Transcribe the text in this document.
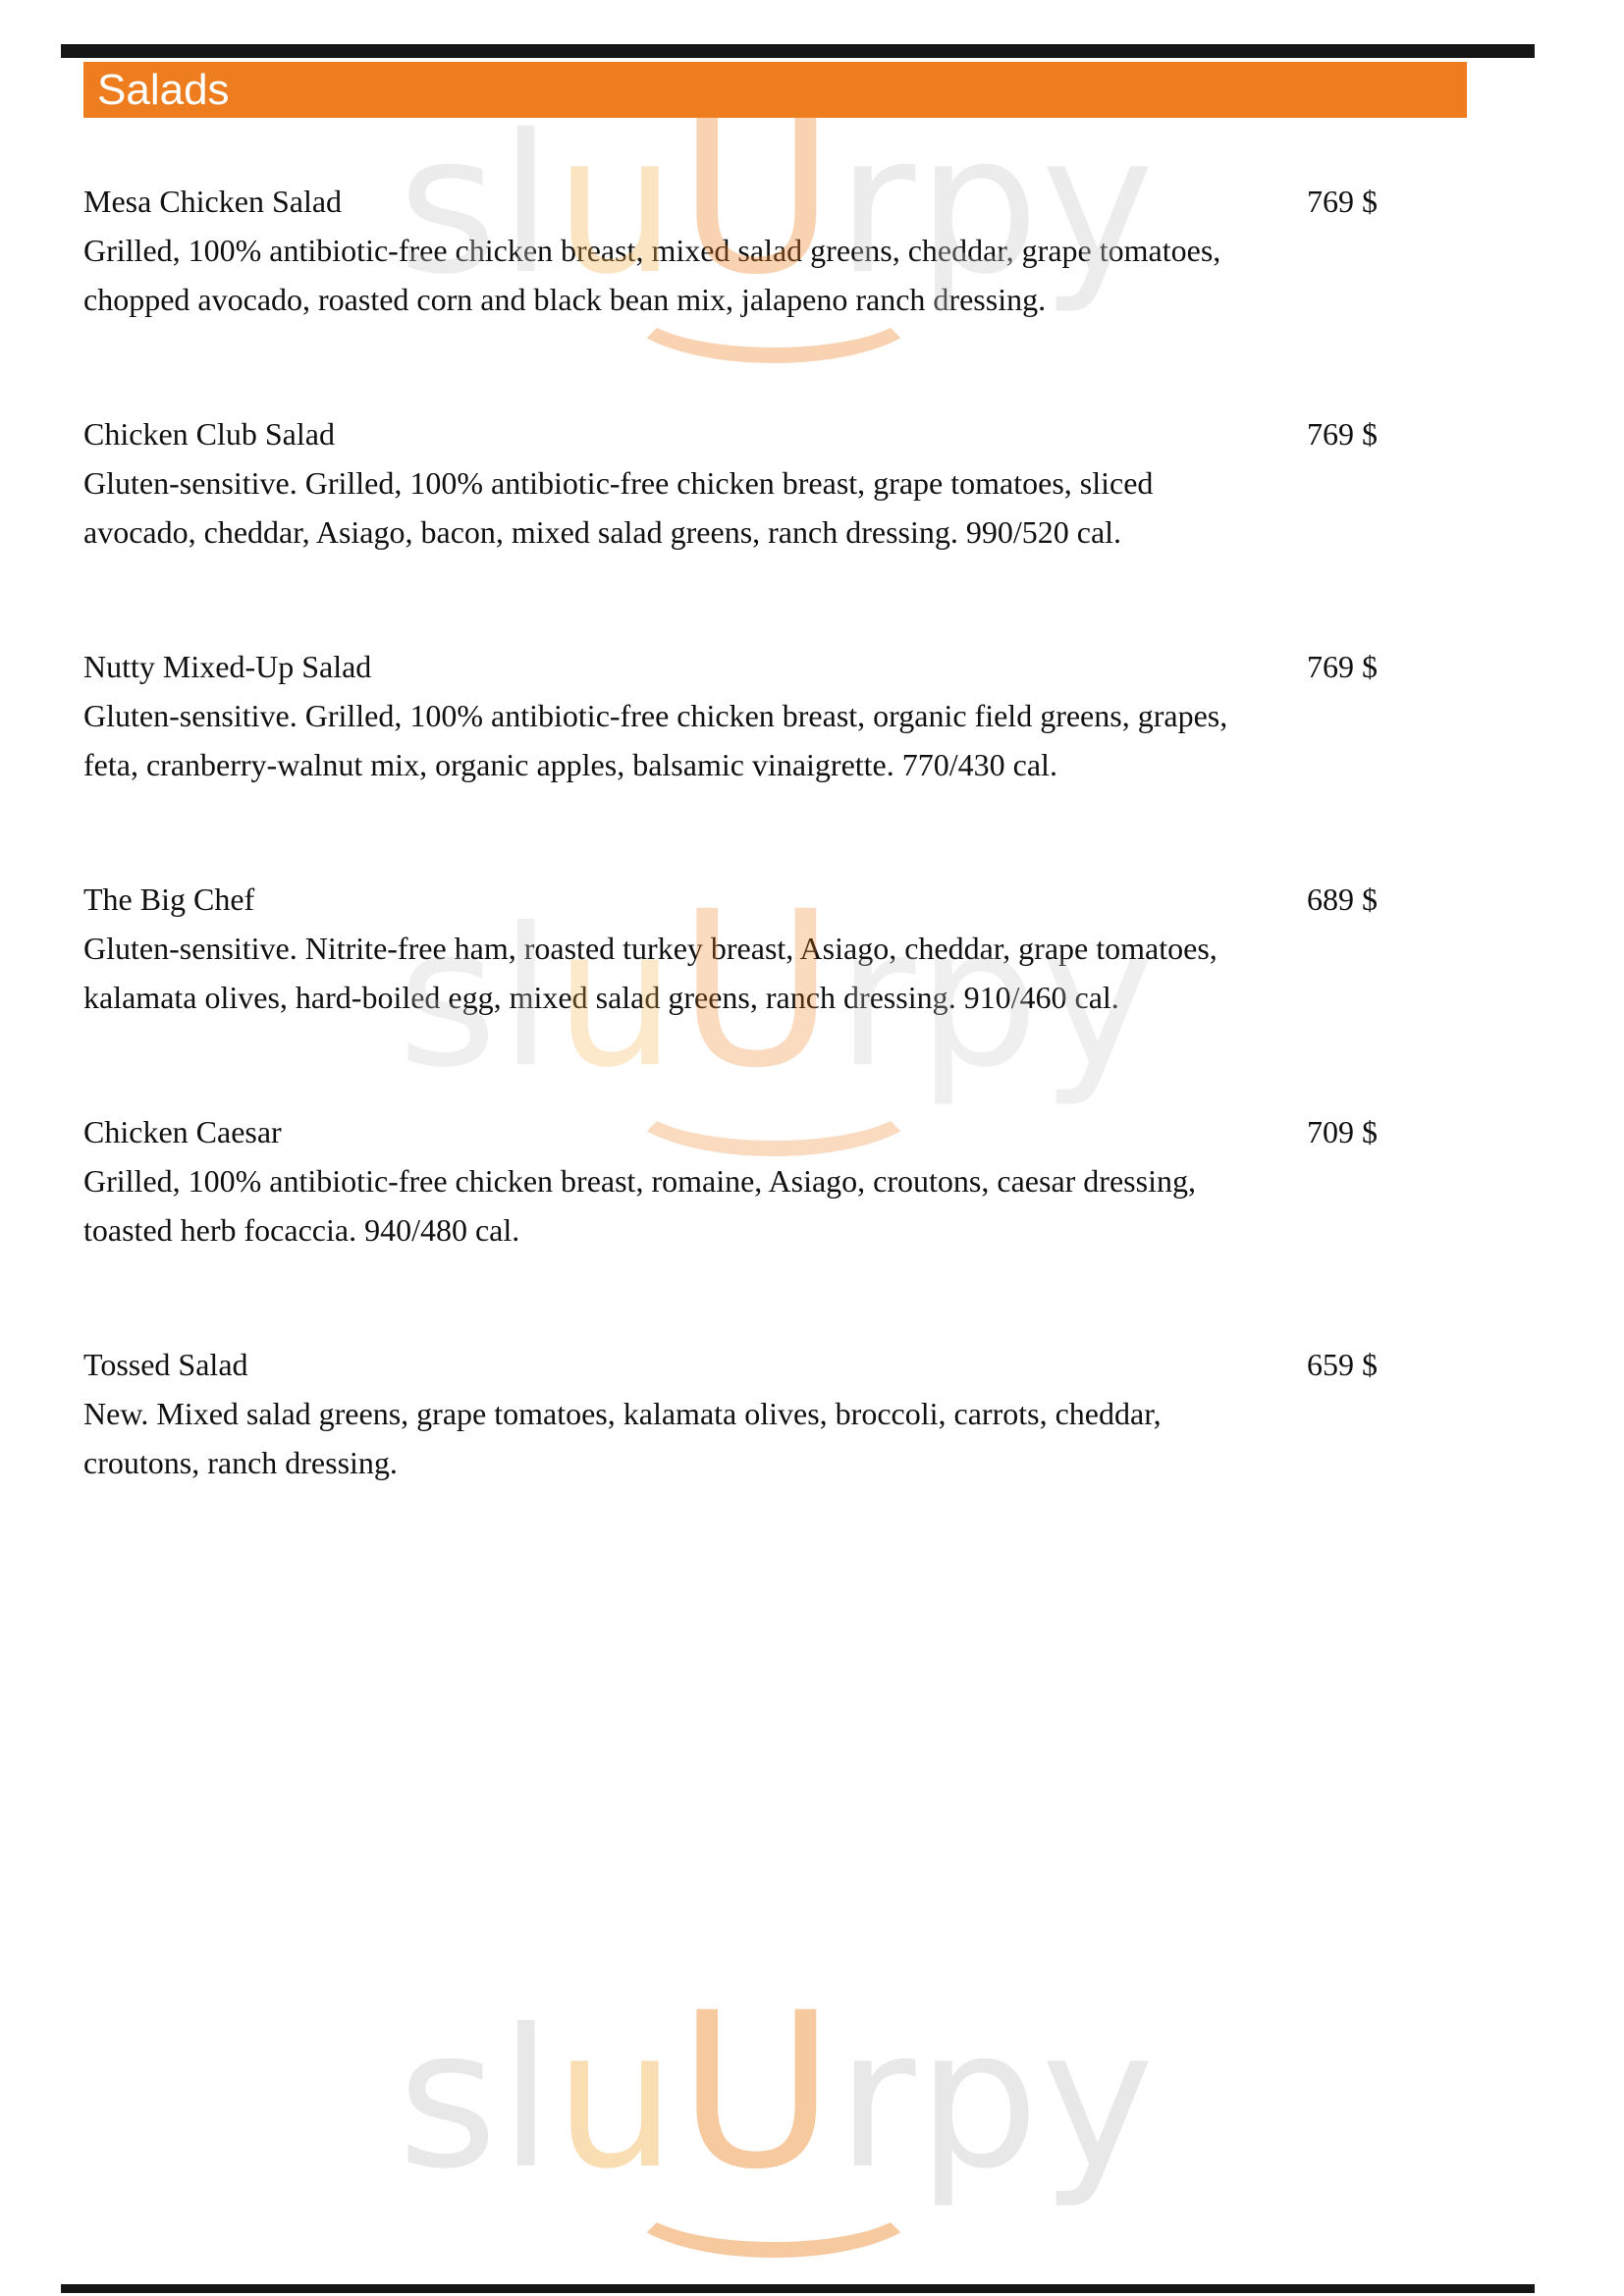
Salads
sluUrpy
sluUrpy
sluUrpy
Mesa Chicken Salad	769 $
Grilled, 100% antibiotic-free chicken breast, mixed salad greens, cheddar, grape tomatoes, chopped avocado, roasted corn and black bean mix, jalapeno ranch dressing.
Chicken Club Salad	769 $
Gluten-sensitive. Grilled, 100% antibiotic-free chicken breast, grape tomatoes, sliced avocado, cheddar, Asiago, bacon, mixed salad greens, ranch dressing. 990/520 cal.
Nutty Mixed-Up Salad	769 $
Gluten-sensitive. Grilled, 100% antibiotic-free chicken breast, organic field greens, grapes, feta, cranberry-walnut mix, organic apples, balsamic vinaigrette. 770/430 cal.
The Big Chef	689 $
Gluten-sensitive. Nitrite-free ham, roasted turkey breast, Asiago, cheddar, grape tomatoes, kalamata olives, hard-boiled egg, mixed salad greens, ranch dressing. 910/460 cal.
Chicken Caesar	709 $
Grilled, 100% antibiotic-free chicken breast, romaine, Asiago, croutons, caesar dressing, toasted herb focaccia. 940/480 cal.
Tossed Salad	659 $
New. Mixed salad greens, grape tomatoes, kalamata olives, broccoli, carrots, cheddar, croutons, ranch dressing.
